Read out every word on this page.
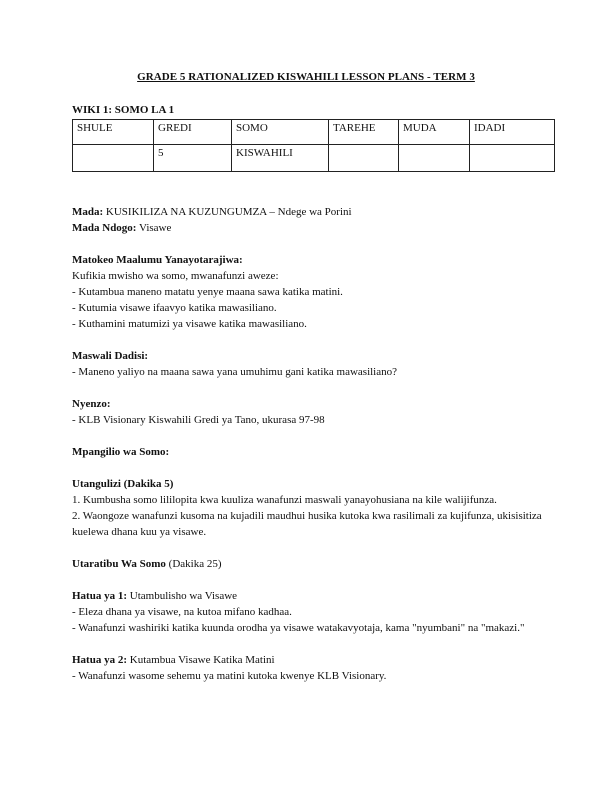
GRADE 5 RATIONALIZED KISWAHILI LESSON PLANS - TERM 3
WIKI 1: SOMO LA 1
SHULE	GREDI	SOMO	TAREHE	MUDA	IDADI
	5	KISWAHILI			

Mada: KUSIKILIZA NA KUZUNGUMZA – Ndege wa Porini

Mada Ndogo: Visawe

Matokeo Maalumu Yanayotarajiwa:

Kufikia mwisho wa somo, mwanafunzi aweze:

- Kutambua maneno matatu yenye maana sawa katika matini.

- Kutumia visawe ifaavyo katika mawasiliano.

- Kuthamini matumizi ya visawe katika mawasiliano.

Maswali Dadisi:

- Maneno yaliyo na maana sawa yana umuhimu gani katika mawasiliano?

Nyenzo:

- KLB Visionary Kiswahili Gredi ya Tano, ukurasa 97-98

Mpangilio wa Somo:

Utangulizi (Dakika 5)

1. Kumbusha somo lililopita kwa kuuliza wanafunzi maswali yanayohusiana na kile walijifunza.

2. Waongoze wanafunzi kusoma na kujadili maudhui husika kutoka kwa rasilimali za kujifunza, ukisisitiza kuelewa dhana kuu ya visawe.

Utaratibu Wa Somo (Dakika 25)

Hatua ya 1: Utambulisho wa Visawe

- Eleza dhana ya visawe, na kutoa mifano kadhaa.

- Wanafunzi washiriki katika kuunda orodha ya visawe watakavyotaja, kama "nyumbani" na "makazi."

Hatua ya 2: Kutambua Visawe Katika Matini

- Wanafunzi wasome sehemu ya matini kutoka kwenye KLB Visionary.
